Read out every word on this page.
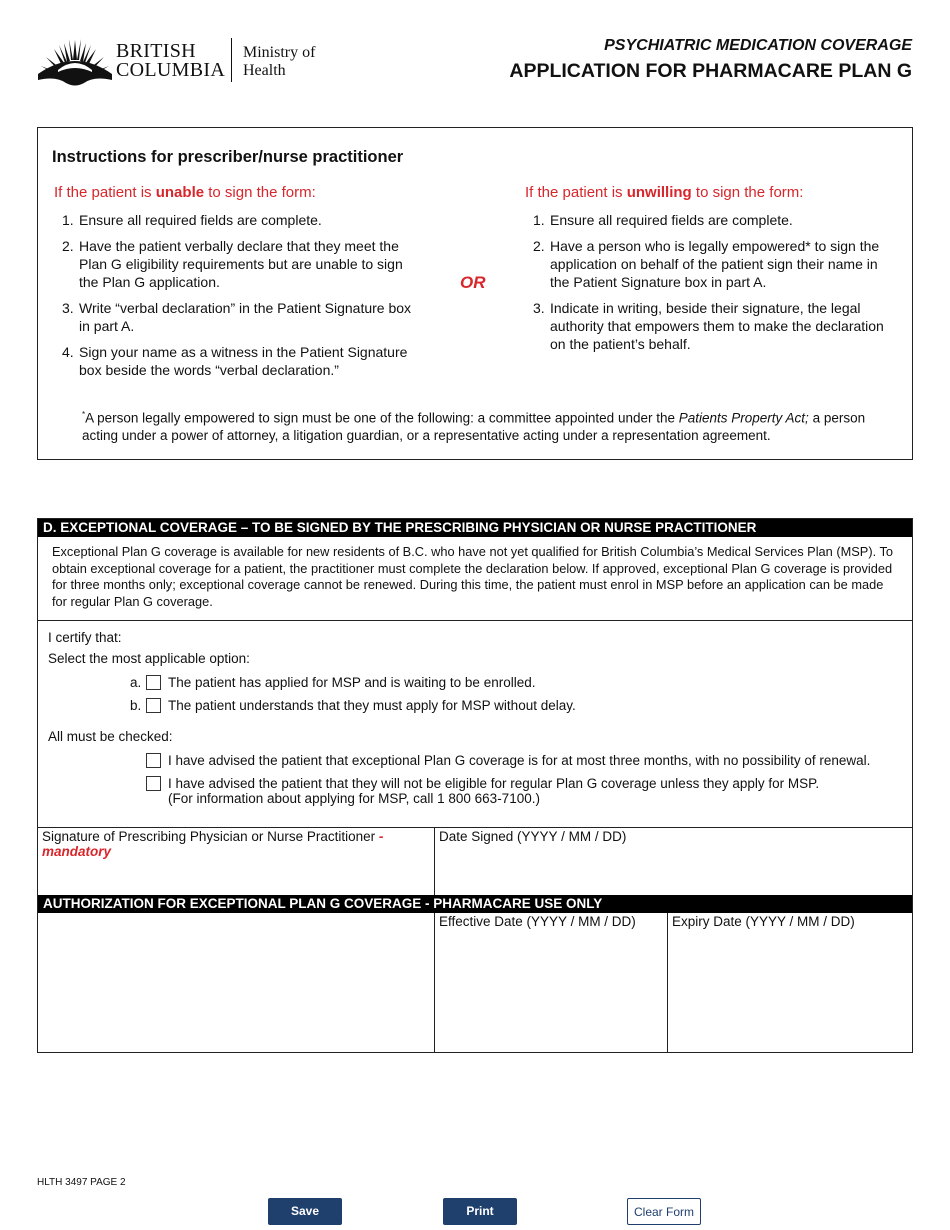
BRITISH
COLUMBIA
Ministry of
Health
PSYCHIATRIC MEDICATION COVERAGE
APPLICATION FOR PHARMACARE PLAN G
Instructions for prescriber/nurse practitioner
If the patient is unable to sign the form:
1. Ensure all required fields are complete.
2. Have the patient verbally declare that they meet the Plan G eligibility requirements but are unable to sign the Plan G application.
3. Write “verbal declaration” in the Patient Signature box in part A.
4. Sign your name as a witness in the Patient Signature box beside the words “verbal declaration.”
OR
If the patient is unwilling to sign the form:
1. Ensure all required fields are complete.
2. Have a person who is legally empowered* to sign the application on behalf of the patient sign their name in the Patient Signature box in part A.
3. Indicate in writing, beside their signature, the legal authority that empowers them to make the declaration on the patient’s behalf.
*A person legally empowered to sign must be one of the following: a committee appointed under the Patients Property Act; a person acting under a power of attorney, a litigation guardian, or a representative acting under a representation agreement.
D. EXCEPTIONAL COVERAGE – TO BE SIGNED BY THE PRESCRIBING PHYSICIAN OR NURSE PRACTITIONER
Exceptional Plan G coverage is available for new residents of B.C. who have not yet qualified for British Columbia’s Medical Services Plan (MSP). To obtain exceptional coverage for a patient, the practitioner must complete the declaration below. If approved, exceptional Plan G coverage is provided for three months only; exceptional coverage cannot be renewed. During this time, the patient must enrol in MSP before an application can be made for regular Plan G coverage.
I certify that:
Select the most applicable option:
a.	The patient has applied for MSP and is waiting to be enrolled.
b.	The patient understands that they must apply for MSP without delay.
All must be checked:
I have advised the patient that exceptional Plan G coverage is for at most three months, with no possibility of renewal.
I have advised the patient that they will not be eligible for regular Plan G coverage unless they apply for MSP.
(For information about applying for MSP, call 1 800 663-7100.)
Signature of Prescribing Physician or Nurse Practitioner - mandatory
Date Signed (YYYY / MM / DD)
AUTHORIZATION FOR EXCEPTIONAL PLAN G COVERAGE - PHARMACARE USE ONLY
Effective Date (YYYY / MM / DD)	Expiry Date (YYYY / MM / DD)
HLTH 3497 PAGE 2
Save	Print	Clear Form
